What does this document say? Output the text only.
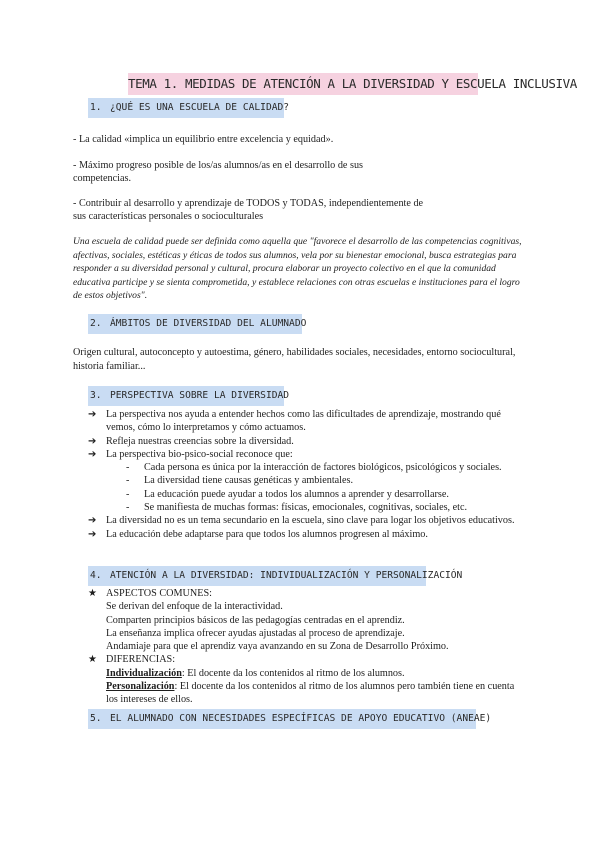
TEMA 1. MEDIDAS DE ATENCIÓN A LA DIVERSIDAD Y ESCUELA INCLUSIVA
1. ¿QUÉ ES UNA ESCUELA DE CALIDAD?
- La calidad «implica un equilibrio entre excelencia y equidad».
- Máximo progreso posible de los/as alumnos/as en el desarrollo de sus
competencias.
- Contribuir al desarrollo y aprendizaje de TODOS y TODAS, independientemente de
sus características personales o socioculturales
Una escuela de calidad puede ser definida como aquella que "favorece el desarrollo de las competencias cognitivas, afectivas, sociales, estéticas y éticas de todos sus alumnos, vela por su bienestar emocional, busca estrategias para responder a su diversidad personal y cultural, procura elaborar un proyecto colectivo en el que la comunidad educativa participe y se sienta comprometida, y establece relaciones con otras escuelas e instituciones para el logro de estos objetivos".
2. ÁMBITOS DE DIVERSIDAD DEL ALUMNADO
Origen cultural, autoconcepto y autoestima, género, habilidades sociales, necesidades, entorno sociocultural, historia familiar...
3. PERSPECTIVA SOBRE LA DIVERSIDAD
➔ La perspectiva nos ayuda a entender hechos como las dificultades de aprendizaje, mostrando qué vemos, cómo lo interpretamos y cómo actuamos.
➔ Refleja nuestras creencias sobre la diversidad.
➔ La perspectiva bio-psico-social reconoce que:
- Cada persona es única por la interacción de factores biológicos, psicológicos y sociales.
- La diversidad tiene causas genéticas y ambientales.
- La educación puede ayudar a todos los alumnos a aprender y desarrollarse.
- Se manifiesta de muchas formas: físicas, emocionales, cognitivas, sociales, etc.
➔ La diversidad no es un tema secundario en la escuela, sino clave para logar los objetivos educativos.
➔ La educación debe adaptarse para que todos los alumnos progresen al máximo.
4. ATENCIÓN A LA DIVERSIDAD: INDIVIDUALIZACIÓN Y PERSONALIZACIÓN
★ ASPECTOS COMUNES:
Se derivan del enfoque de la interactividad.
Comparten principios básicos de las pedagogías centradas en el aprendiz.
La enseñanza implica ofrecer ayudas ajustadas al proceso de aprendizaje.
Andamiaje para que el aprendiz vaya avanzando en su Zona de Desarrollo Próximo.
★ DIFERENCIAS:
Individualización: El docente da los contenidos al ritmo de los alumnos.
Personalización: El docente da los contenidos al ritmo de los alumnos pero también tiene en cuenta los intereses de ellos.
5. EL ALUMNADO CON NECESIDADES ESPECÍFICAS DE APOYO EDUCATIVO (ANEAE)
